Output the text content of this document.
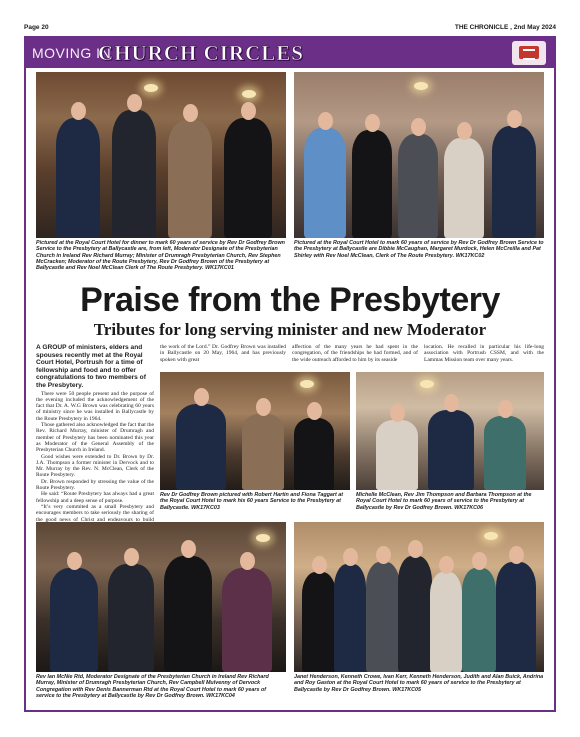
Page 20	THE CHRONICLE , 2nd May 2024
MOVING IN
CHURCH CIRCLES
Pictured at the Royal Court Hotel for dinner to mark 60 years of service by Rev Dr Godfrey Brown Service to the Presbytery at Ballycastle are, from left, Moderator Designate of the Presbyterian Church in Ireland Rev Richard Murray; Minister of Drumragh Presbyterian Church, Rev Stephen McCracken; Moderator of the Route Presbytery, Rev Dr Godfrey Brown of the Presbytery at Ballycastle and Rev Noel McClean Clerk of The Route Presbytery. WK17KC01
Pictured at the Royal Court Hotel to mark 60 years of service by Rev Dr Godfrey Brown Service to the Presbytery at Ballycastle are Dibbie McCaughan, Margaret Murdock, Helen McCreilla and Pat Shirley with Rev Noel McClean, Clerk of The Route Presbytery. WK17KC02
Praise from the Presbytery
Tributes for long serving minister and new Moderator

A GROUP of ministers, elders and spouses recently met at the Royal Court Hotel, Portrush for a time of fellowship and food and to offer congratulations to two members of the Presbytery.

There were 50 people present and the purpose of the evening included the acknowledgement of the fact that Dr. A. W.G Brown was celebrating 60 years of ministry since he was installed in Ballycastle by the Route Presbytery in 1964.

Those gathered also acknowledged the fact that the Rev. Richard Murray, minister of Drumragh and member of Presbytery has been nominated this year as Moderator of the General Assembly of the Presbyterian Church in Ireland.

Good wishes were extended to Dr. Brown by Dr. J.A. Thompson a former minister in Dervock and to Mr. Murray by the Rev. N. McClean, Clerk of the Route Presbytery.

Dr. Brown responded by stressing the value of the Route Presbytery.

He said: “Route Presbytery has always had a great fellowship and a deep sense of purpose.

“It’s very commited as a small Presbytery and encourages members to take seriously the sharing of the good news of Christ and endeavours to build

the work of the Lord.” Dr. Godfrey Brown was installed in Ballycastle on 20 May, 1964, and has previously spoken with great

affection of the many years he had spent in the congregation, of the friendships he had formed, and of the wide outreach afforded to him by its seaside

location. He recalled in particular his life-long association with Portrush CSSM, and with the Lammas Mission team over many years.

Rev Dr Godfrey Brown pictured with Robert Hartin and Fiona Taggart at the Royal Court Hotel to mark his 60 years Service to the Presbytery at Ballycastle. WK17KC03
Michelle McClean, Rev Jim Thompson and Barbara Thompson at the Royal Court Hotel to mark 60 years of service to the Presbytery at Ballycastle by Rev Dr Godfrey Brown. WK17KC06
Rev Ian McNie Rtd, Moderator Designate of the Presbyterian Church in Ireland Rev Richard Murray, Minister of Drumragh Presbyterian Church, Rev Campbell Mulvenny of Dervock Congregation with Rev Denis Bannerman Rtd at the Royal Court Hotel to mark 60 years of service to the Presbytery at Ballycastle by Rev Dr Godfrey Brown. WK17KC04
Janet Henderson, Kenneth Crowe, Ivan Kerr, Kenneth Henderson, Judith and Alan Buick, Andrina and Roy Gaston at the Royal Court Hotel to mark 60 years of service to the Presbytery at Ballycastle by Rev Dr Godfrey Brown. WK17KC05
